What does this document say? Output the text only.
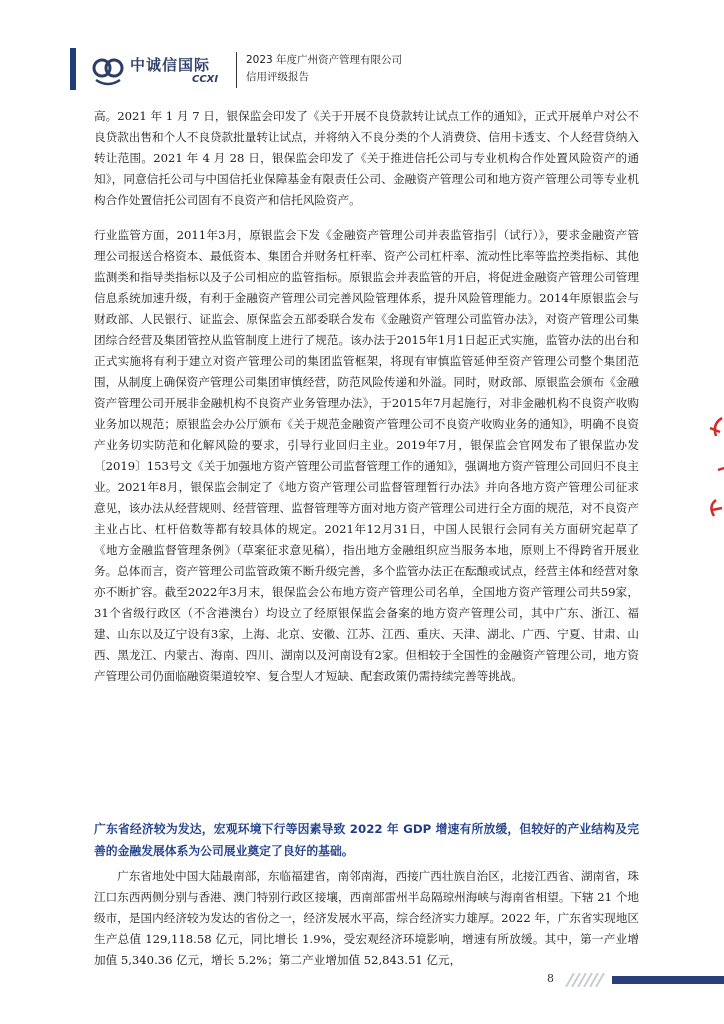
中诚信国际
CCXI
2023 年度广州资产管理有限公司
信用评级报告

高。2021 年 1 月 7 日，银保监会印发了《关于开展不良贷款转让试点工作的通知》，正式开展单户对公不良贷款出售和个人不良贷款批量转让试点，并将纳入不良分类的个人消费贷、信用卡透支、个人经营贷纳入转让范围。2021 年 4 月 28 日，银保监会印发了《关于推进信托公司与专业机构合作处置风险资产的通知》，同意信托公司与中国信托业保障基金有限责任公司、金融资产管理公司和地方资产管理公司等专业机构合作处置信托公司固有不良资产和信托风险资产。

行业监管方面，2011年3月，原银监会下发《金融资产管理公司并表监管指引（试行）》，要求金融资产管理公司报送合格资本、最低资本、集团合并财务杠杆率、资产公司杠杆率、流动性比率等监控类指标、其他监测类和指导类指标以及子公司相应的监管指标。原银监会并表监管的开启，将促进金融资产管理公司管理信息系统加速升级，有利于金融资产管理公司完善风险管理体系，提升风险管理能力。2014年原银监会与财政部、人民银行、证监会、原保监会五部委联合发布《金融资产管理公司监管办法》，对资产管理公司集团综合经营及集团管控从监管制度上进行了规范。该办法于2015年1月1日起正式实施，监管办法的出台和正式实施将有利于建立对资产管理公司的集团监管框架，将现有审慎监管延伸至资产管理公司整个集团范围，从制度上确保资产管理公司集团审慎经营，防范风险传递和外溢。同时，财政部、原银监会颁布《金融资产管理公司开展非金融机构不良资产业务管理办法》，于2015年7月起施行，对非金融机构不良资产收购业务加以规范；原银监会办公厅颁布《关于规范金融资产管理公司不良资产收购业务的通知》，明确不良资产业务切实防范和化解风险的要求，引导行业回归主业。2019年7月，银保监会官网发布了银保监办发〔2019〕153号文《关于加强地方资产管理公司监督管理工作的通知》，强调地方资产管理公司回归不良主业。2021年8月，银保监会制定了《地方资产管理公司监督管理暂行办法》并向各地方资产管理公司征求意见，该办法从经营规则、经营管理、监督管理等方面对地方资产管理公司进行全方面的规范，对不良资产主业占比、杠杆倍数等都有较具体的规定。2021年12月31日，中国人民银行会同有关方面研究起草了《地方金融监督管理条例》（草案征求意见稿），指出地方金融组织应当服务本地，原则上不得跨省开展业务。总体而言，资产管理公司监管政策不断升级完善，多个监管办法正在酝酿或试点，经营主体和经营对象亦不断扩容。截至2022年3月末，银保监会公布地方资产管理公司名单，全国地方资产管理公司共59家，31个省级行政区（不含港澳台）均设立了经原银保监会备案的地方资产管理公司，其中广东、浙江、福建、山东以及辽宁设有3家，上海、北京、安徽、江苏、江西、重庆、天津、湖北、广西、宁夏、甘肃、山西、黑龙江、内蒙古、海南、四川、湖南以及河南设有2家。但相较于全国性的金融资产管理公司，地方资产管理公司仍面临融资渠道较窄、复合型人才短缺、配套政策仍需持续完善等挑战。

广东省经济较为发达，宏观环境下行等因素导致 2022 年 GDP 增速有所放缓，但较好的产业结构及完善的金融发展体系为公司展业奠定了良好的基础。

广东省地处中国大陆最南部，东临福建省，南邻南海，西接广西壮族自治区，北接江西省、湖南省，珠江口东西两侧分别与香港、澳门特别行政区接壤，西南部雷州半岛隔琼州海峡与海南省相望。下辖 21 个地级市，是国内经济较为发达的省份之一，经济发展水平高，综合经济实力雄厚。2022 年，广东省实现地区生产总值 129,118.58 亿元，同比增长 1.9%，受宏观经济环境影响，增速有所放缓。其中，第一产业增加值 5,340.36 亿元，增长 5.2%；第二产业增加值 52,843.51 亿元，

8
